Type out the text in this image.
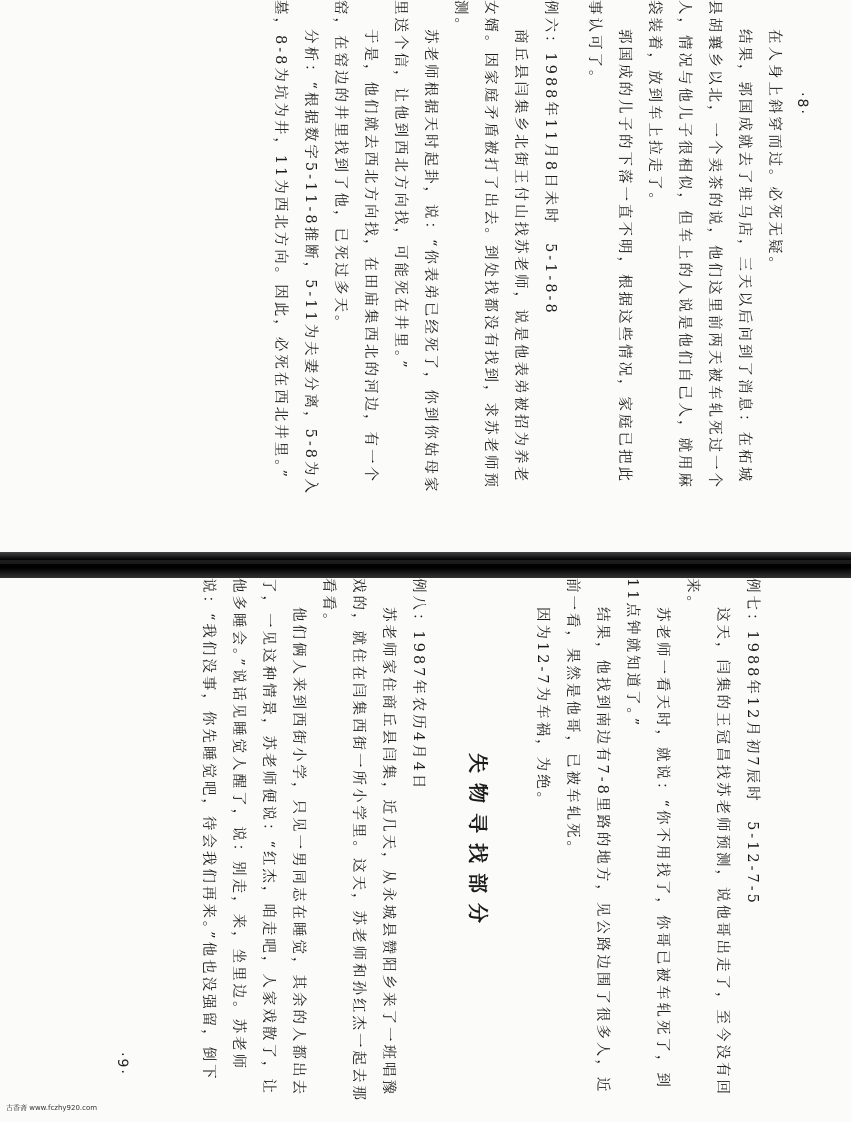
在人身上斜穿而过。必死无疑。

结果，郭国成就去了驻马店，三天以后问到了消息：在柘城县胡襄乡以北，一个卖茶的说，他们这里前两天被车轧死过一个人，情况与他儿子很相似，但车上的人说是他们自己人，就用麻袋装着，放到车上拉走了。

郭国成的儿子的下落一直不明，根据这些情况，家庭已把此事认可了。

例六：1988年11月8日未时　5-1-8-8

商丘县闫集乡北街王付山找苏老师，说是他表弟被招为养老女婿。因家庭矛盾被打了出去。到处找都没有找到，求苏老师预测。

苏老师根据天时起卦，说：“你表弟已经死了，你到你姑母家里送个信，让他到西北方向找，可能死在井里。”

于是，他们就去西北方向找，在田庙集西北的河边，有一个窑，在窑边的井里找到了他，已死过多天。

分析：“根据数字5-11-8推断，5-11为夫妻分离，5-8为入墓，8-8为坑为井，11为西北方向。因此，必死在西北井里。”	·8·

例七：1988年12月初7辰时　5-12-7-5

这天，闫集的王冠昌找苏老师预测，说他哥出走了，至今没有回来。

苏老师一看天时，就说：“你不用找了，你哥已被车轧死了，到11点钟就知道了。”

结果，他找到南边有7-8里路的地方，见公路边围了很多人，近前一看，果然是他哥，已被车轧死。

因为12-7为车祸，为绝。

失物寻找部分

例八：1987年农历4月4日

苏老师家住商丘县闫集，近几天，从永城县赞阳乡来了一班唱豫戏的，就住在闫集西街一所小学里。这天，苏老师和孙红杰一起去那看看。

他们俩人来到西街小学，只见一男同志在睡觉，其余的人都出去了，一见这种情景，苏老师便说：“红杰，咱走吧，人家戏散了，让他多睡会。”说话见睡觉人醒了，说：别走，来，坐里边。苏老师说：“我们没事，你先睡觉吧，待会我们再来。”他也没强留，倒下

·9·
古香斋 www.fczhy920.com
